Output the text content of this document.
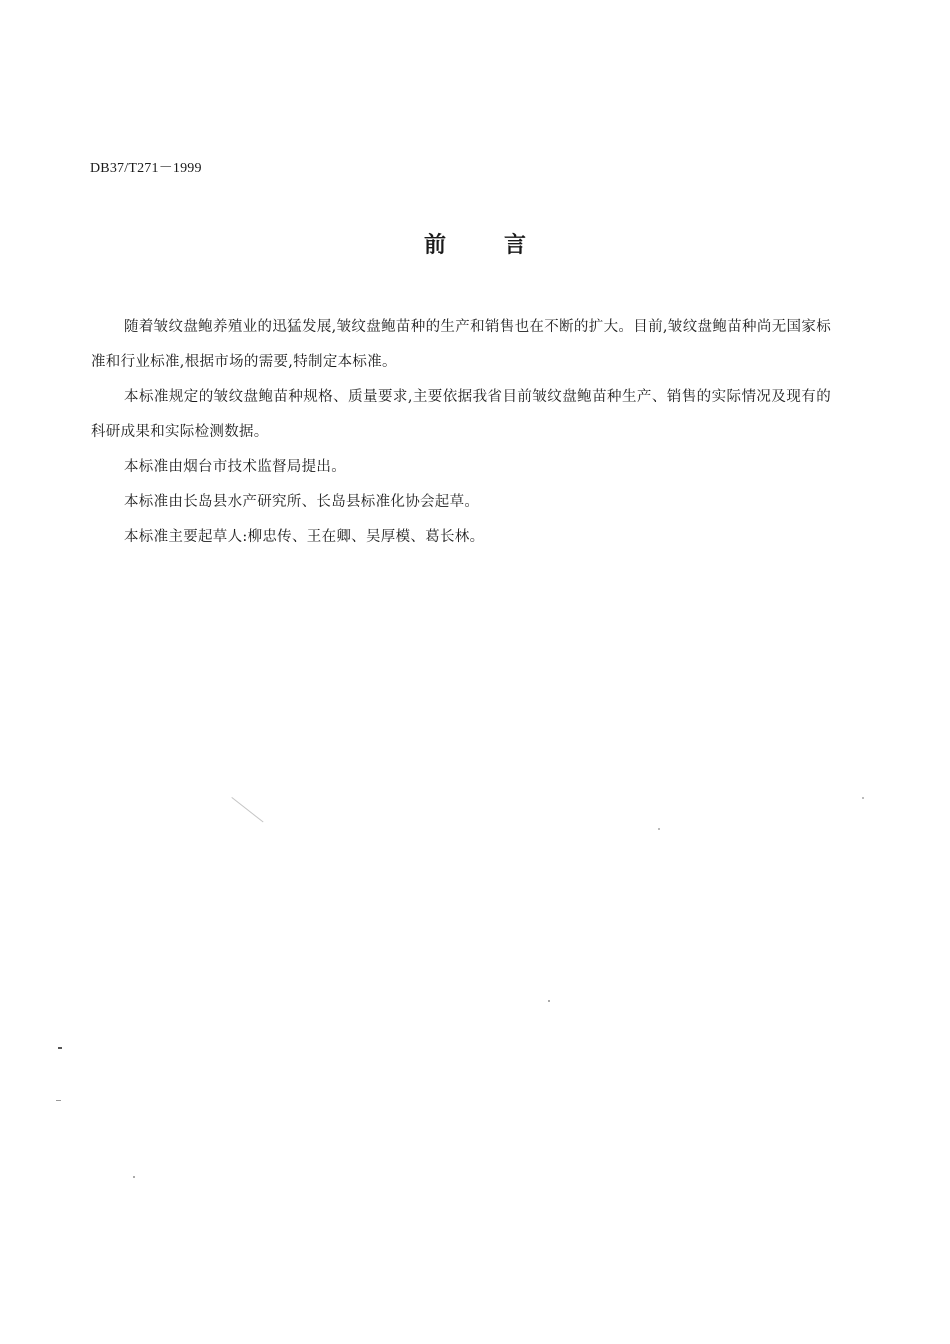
DB37/T271－1999
前	言

随着皱纹盘鲍养殖业的迅猛发展,皱纹盘鲍苗种的生产和销售也在不断的扩大。目前,皱纹盘鲍苗种尚无国家标准和行业标准,根据市场的需要,特制定本标准。

本标准规定的皱纹盘鲍苗种规格、质量要求,主要依据我省目前皱纹盘鲍苗种生产、销售的实际情况及现有的科研成果和实际检测数据。

本标准由烟台市技术监督局提出。

本标准由长岛县水产研究所、长岛县标准化协会起草。

本标准主要起草人:柳忠传、王在卿、吴厚模、葛长林。
